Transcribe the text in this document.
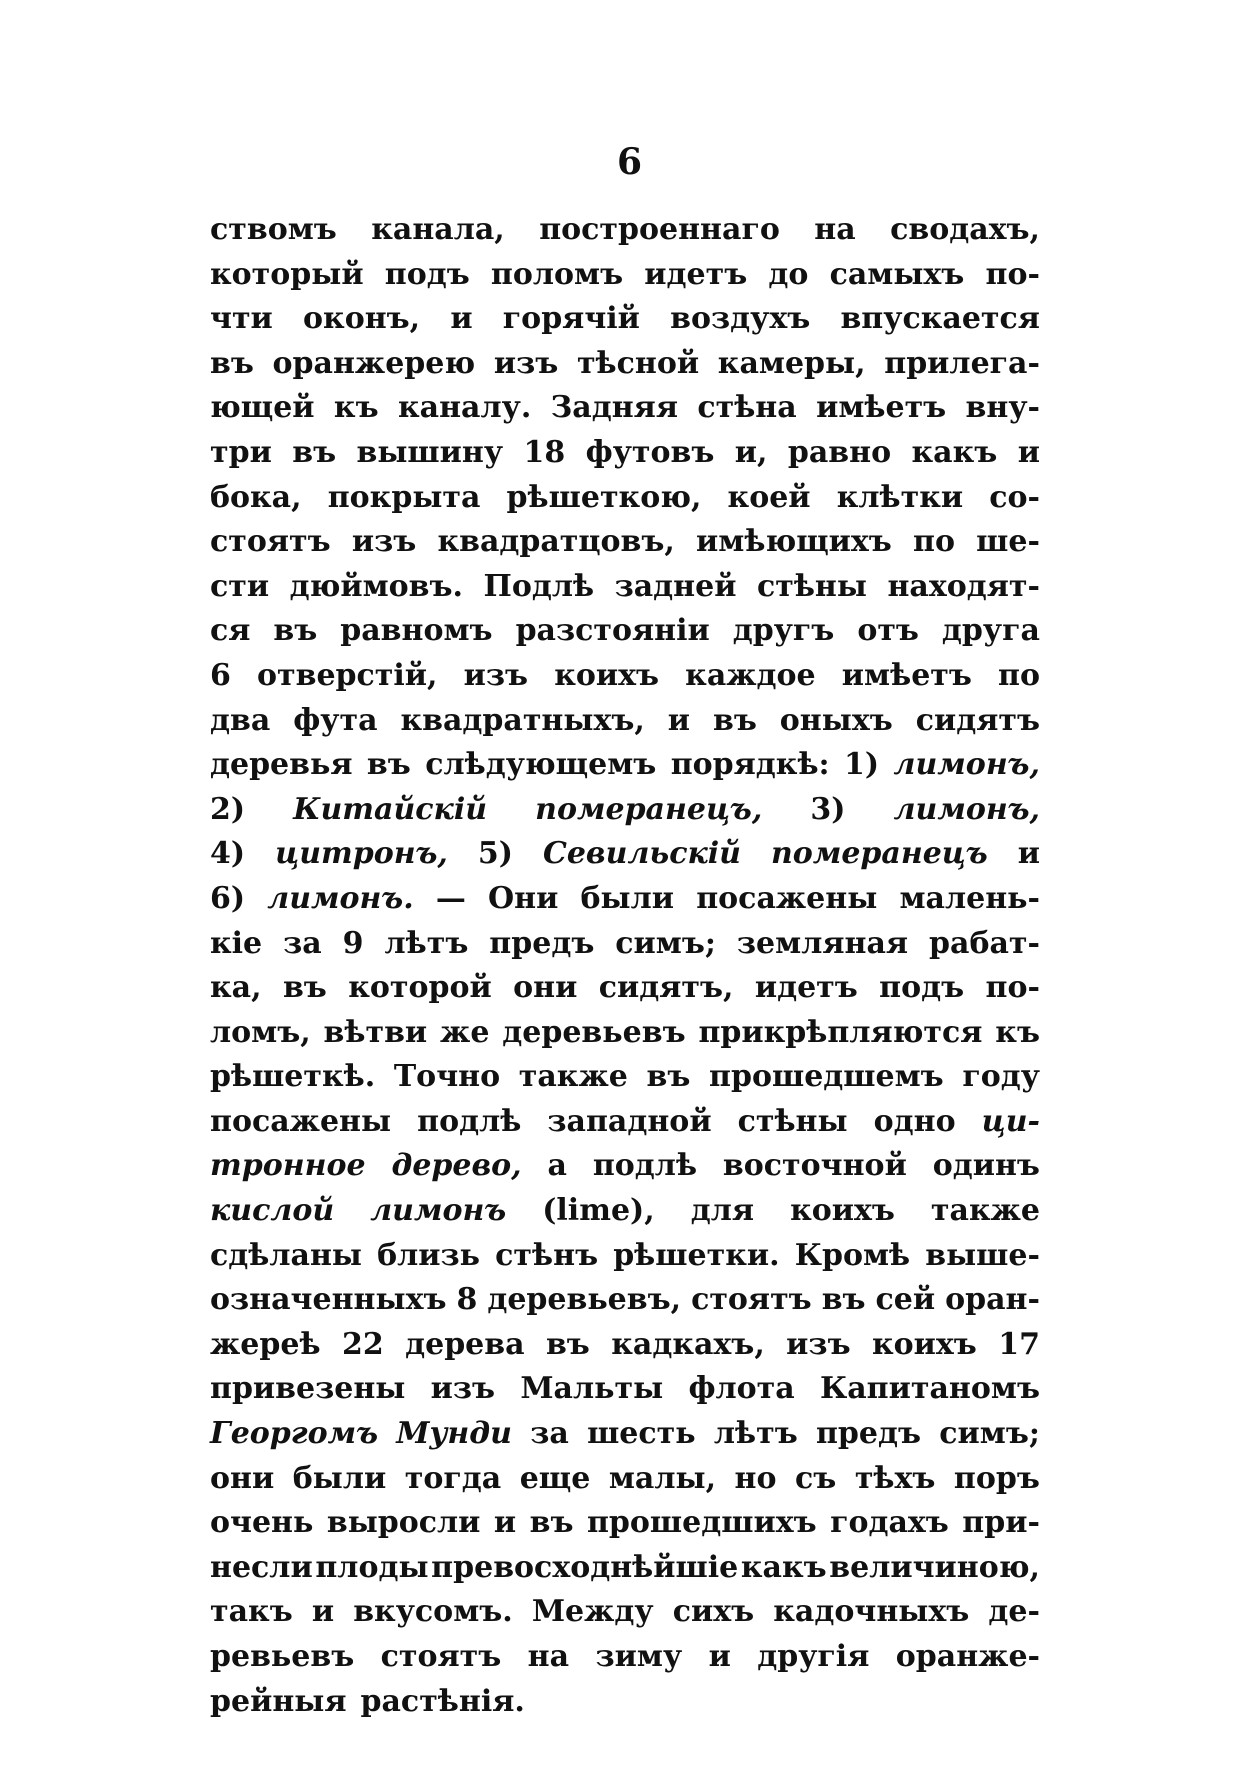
6
ствомъ канала, построеннаго на сводахъ,
который подъ поломъ идетъ до самыхъ по-
чти оконъ, и горячій воздухъ впускается
въ оранжерею изъ тѣсной камеры, прилега-
ющей къ каналу. Задняя стѣна имѣетъ вну-
три въ вышину 18 футовъ и, равно какъ и
бока, покрыта рѣшеткою, коей клѣтки со-
стоятъ изъ квадратцовъ, имѣющихъ по ше-
сти дюймовъ. Подлѣ задней стѣны находят-
ся въ равномъ разстояніи другъ отъ друга
6 отверстій, изъ коихъ каждое имѣетъ по
два фута квадратныхъ, и въ оныхъ сидятъ
деревья въ слѣдующемъ порядкѣ: 1) лимонъ,
2) Китайскій померанецъ, 3) лимонъ,
4) цитронъ, 5) Севильскій померанецъ и
6) лимонъ. — Они были посажены малень-
кіе за 9 лѣтъ предъ симъ; земляная рабат-
ка, въ которой они сидятъ, идетъ подъ по-
ломъ, вѣтви же деревьевъ прикрѣпляются къ
рѣшеткѣ. Точно также въ прошедшемъ году
посажены подлѣ западной стѣны одно ци-
тронное дерево, а подлѣ восточной одинъ
кислой лимонъ (lime), для коихъ также
сдѣланы близь стѣнъ рѣшетки. Кромѣ выше-
означенныхъ 8 деревьевъ, стоятъ въ сей оран-
жереѣ 22 дерева въ кадкахъ, изъ коихъ 17
привезены изъ Мальты флота Капитаномъ
Георгомъ Мунди за шесть лѣтъ предъ симъ;
они были тогда еще малы, но съ тѣхъ поръ
очень выросли и въ прошедшихъ годахъ при-
несли плоды превосходнѣйшіе какъ величиною,
такъ и вкусомъ. Между сихъ кадочныхъ де-
ревьевъ стоятъ на зиму и другія оранже-
рейныя растѣнія.
